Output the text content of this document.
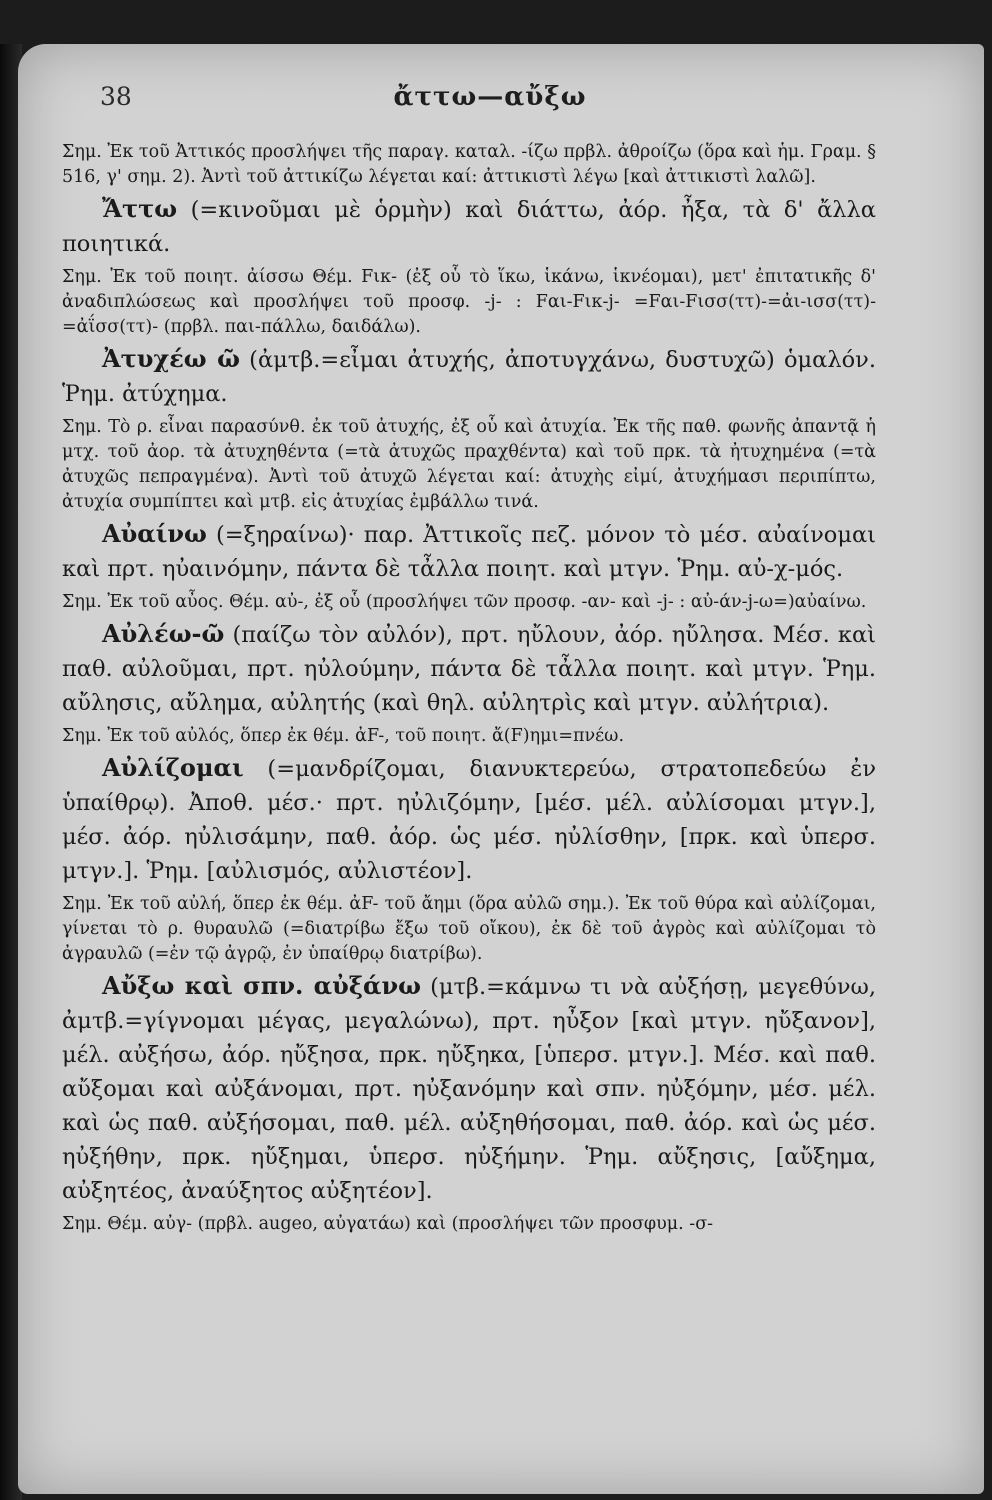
38	ἄττω—αὔξω

Σημ. Ἐκ τοῦ Ἀττικός προσλήψει τῆς παραγ. καταλ. -ίζω πρβλ. ἀθροίζω (ὅρα καὶ ἡμ. Γραμ. § 516, γ' σημ. 2). Ἀντὶ τοῦ ἀττικίζω λέγεται καί: ἀττικιστὶ λέγω [καὶ ἀττικιστὶ λαλῶ].

Ἄττω (=κινοῦμαι μὲ ὁρμὴν) καὶ διάττω, ἀόρ. ἦξα, τὰ δ' ἄλλα ποιητικά.

Σημ. Ἐκ τοῦ ποιητ. ἀίσσω Θέμ. Fικ- (ἐξ οὗ τὸ ἵκω, ἱκάνω, ἱκνέομαι), μετ' ἐπιτατικῆς δ' ἀναδιπλώσεως καὶ προσλήψει τοῦ προσφ. -j- : Fαι-Fικ-j- =Fαι-Fισσ(ττ)-=ἀι-ισσ(ττ)-=ἀΐσσ(ττ)- (πρβλ. παι-πάλλω, δαιδάλω).

Ἀτυχέω ῶ (ἀμτβ.=εἶμαι ἀτυχής, ἀποτυγχάνω, δυστυχῶ) ὁμαλόν. Ῥημ. ἀτύχημα.

Σημ. Τὸ ρ. εἶναι παρασύνθ. ἐκ τοῦ ἀτυχής, ἐξ οὗ καὶ ἀτυχία. Ἐκ τῆς παθ. φωνῆς ἀπαντᾷ ἡ μτχ. τοῦ ἀορ. τὰ ἀτυχηθέντα (=τὰ ἀτυχῶς πραχθέντα) καὶ τοῦ πρκ. τὰ ἠτυχημένα (=τὰ ἀτυχῶς πεπραγμένα). Ἀντὶ τοῦ ἀτυχῶ λέγεται καί: ἀτυχὴς εἰμί, ἀτυχήμασι περιπίπτω, ἀτυχία συμπίπτει καὶ μτβ. εἰς ἀτυχίας ἐμβάλλω τινά.

Αὐαίνω (=ξηραίνω)· παρ. Ἀττικοῖς πεζ. μόνον τὸ μέσ. αὐαίνομαι καὶ πρτ. ηὐαινόμην, πάντα δὲ τἆλλα ποιητ. καὶ μτγν. Ῥημ. αὐ-χ-μός.

Σημ. Ἐκ τοῦ αὖος. Θέμ. αὐ-, ἐξ οὗ (προσλήψει τῶν προσφ. -αν- καὶ -j- : αὐ-άν-j-ω=)αὐαίνω.

Αὐλέω-ῶ (παίζω τὸν αὐλόν), πρτ. ηὔλουν, ἀόρ. ηὔλησα. Μέσ. καὶ παθ. αὐλοῦμαι, πρτ. ηὐλούμην, πάντα δὲ τἆλλα ποιητ. καὶ μτγν. Ῥημ. αὔλησις, αὔλημα, αὐλητής (καὶ θηλ. αὐλητρὶς καὶ μτγν. αὐλήτρια).

Σημ. Ἐκ τοῦ αὐλός, ὅπερ ἐκ θέμ. ἀF-, τοῦ ποιητ. ἄ(F)ημι=πνέω.

Αὐλίζομαι (=μανδρίζομαι, διανυκτερεύω, στρατοπεδεύω ἐν ὑπαίθρῳ). Ἀποθ. μέσ.· πρτ. ηὐλιζόμην, [μέσ. μέλ. αὐλίσομαι μτγν.], μέσ. ἀόρ. ηὐλισάμην, παθ. ἀόρ. ὡς μέσ. ηὐλίσθην, [πρκ. καὶ ὑπερσ. μτγν.]. Ῥημ. [αὐλισμός, αὐλιστέον].

Σημ. Ἐκ τοῦ αὐλή, ὅπερ ἐκ θέμ. ἀF- τοῦ ἄημι (ὅρα αὐλῶ σημ.). Ἐκ τοῦ θύρα καὶ αὐλίζομαι, γίνεται τὸ ρ. θυραυλῶ (=διατρίβω ἔξω τοῦ οἴκου), ἐκ δὲ τοῦ ἀγρὸς καὶ αὐλίζομαι τὸ ἀγραυλῶ (=ἐν τῷ ἀγρῷ, ἐν ὑπαίθρῳ διατρίβω).

Αὔξω καὶ σπν. αὐξάνω (μτβ.=κάμνω τι νὰ αὐξήσῃ, μεγεθύνω, ἀμτβ.=γίγνομαι μέγας, μεγαλώνω), πρτ. ηὖξον [καὶ μτγν. ηὔξανον], μέλ. αὐξήσω, ἀόρ. ηὔξησα, πρκ. ηὔξηκα, [ὑπερσ. μτγν.]. Μέσ. καὶ παθ. αὔξομαι καὶ αὐξάνομαι, πρτ. ηὐξανόμην καὶ σπν. ηὐξόμην, μέσ. μέλ. καὶ ὡς παθ. αὐξήσομαι, παθ. μέλ. αὐξηθήσομαι, παθ. ἀόρ. καὶ ὡς μέσ. ηὐξήθην, πρκ. ηὔξημαι, ὑπερσ. ηὐξήμην. Ῥημ. αὔξησις, [αὔξημα, αὐξητέος, ἀναύξητος αὐξητέον].

Σημ. Θέμ. αὐγ- (πρβλ. augeo, αὐγατάω) καὶ (προσλήψει τῶν προσφυμ. -σ-
